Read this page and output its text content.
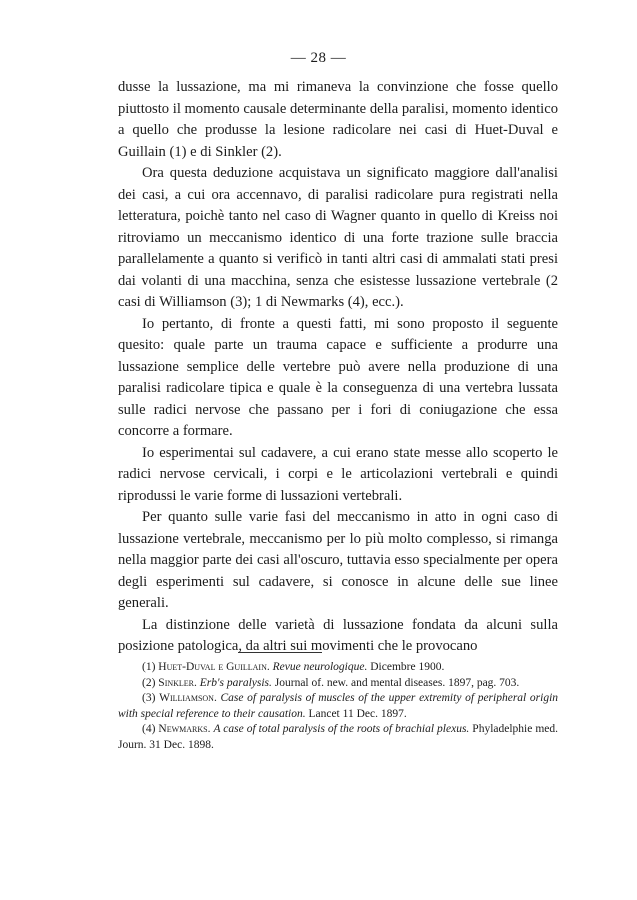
— 28 —

dusse la lussazione, ma mi rimaneva la convinzione che fosse quello piuttosto il momento causale determinante della paralisi, momento identico a quello che produsse la lesione radicolare nei casi di Huet-Duval e Guillain (1) e di Sinkler (2).

Ora questa deduzione acquistava un significato maggiore dall'analisi dei casi, a cui ora accennavo, di paralisi radicolare pura registrati nella letteratura, poichè tanto nel caso di Wagner quanto in quello di Kreiss noi ritroviamo un meccanismo identico di una forte trazione sulle braccia parallelamente a quanto si verificò in tanti altri casi di ammalati stati presi dai volanti di una macchina, senza che esistesse lussazione vertebrale (2 casi di Williamson (3); 1 di Newmarks (4), ecc.).

Io pertanto, di fronte a questi fatti, mi sono proposto il seguente quesito: quale parte un trauma capace e sufficiente a produrre una lussazione semplice delle vertebre può avere nella produzione di una paralisi radicolare tipica e quale è la conseguenza di una vertebra lussata sulle radici nervose che passano per i fori di coniugazione che essa concorre a formare.

Io esperimentai sul cadavere, a cui erano state messe allo scoperto le radici nervose cervicali, i corpi e le articolazioni vertebrali e quindi riprodussi le varie forme di lussazioni vertebrali.

Per quanto sulle varie fasi del meccanismo in atto in ogni caso di lussazione vertebrale, meccanismo per lo più molto complesso, si rimanga nella maggior parte dei casi all'oscuro, tuttavia esso specialmente per opera degli esperimenti sul cadavere, si conosce in alcune delle sue linee generali.

La distinzione delle varietà di lussazione fondata da alcuni sulla posizione patologica, da altri sui movimenti che le provocano

(1) Huet-Duval e Guillain. Revue neurologique. Dicembre 1900.

(2) Sinkler. Erb's paralysis. Journal of. new. and mental diseases. 1897, pag. 703.

(3) Williamson. Case of paralysis of muscles of the upper extremity of peripheral origin with special reference to their causation. Lancet 11 Dec. 1897.

(4) Newmarks. A case of total paralysis of the roots of brachial plexus. Phyladelphie med. Journ. 31 Dec. 1898.
